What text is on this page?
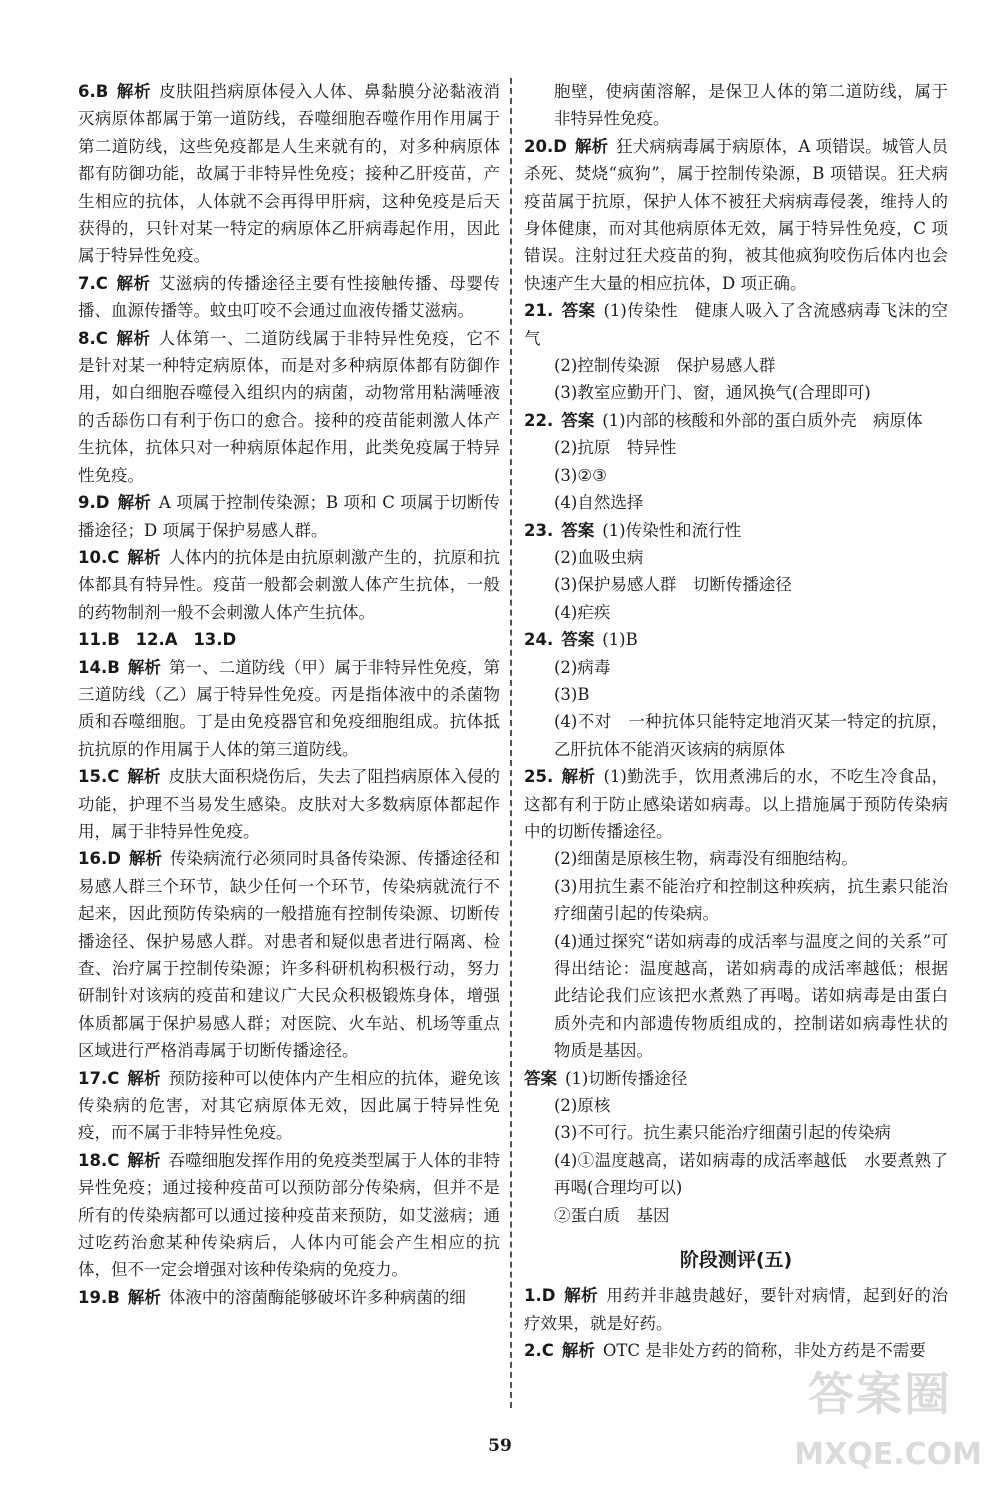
6.B 解析 皮肤阻挡病原体侵入人体、鼻黏膜分泌黏液消灭病原体都属于第一道防线，吞噬细胞吞噬作用作用属于第二道防线，这些免疫都是人生来就有的，对多种病原体都有防御功能，故属于非特异性免疫；接种乙肝疫苗，产生相应的抗体，人体就不会再得甲肝病，这种免疫是后天获得的，只针对某一特定的病原体乙肝病毒起作用，因此属于特异性免疫。

7.C 解析 艾滋病的传播途径主要有性接触传播、母婴传播、血源传播等。蚊虫叮咬不会通过血液传播艾滋病。

8.C 解析 人体第一、二道防线属于非特异性免疫，它不是针对某一种特定病原体，而是对多种病原体都有防御作用，如白细胞吞噬侵入组织内的病菌，动物常用粘满唾液的舌舔伤口有利于伤口的愈合。接种的疫苗能刺激人体产生抗体，抗体只对一种病原体起作用，此类免疫属于特异性免疫。

9.D 解析 A 项属于控制传染源；B 项和 C 项属于切断传播途径；D 项属于保护易感人群。

10.C 解析 人体内的抗体是由抗原刺激产生的，抗原和抗体都具有特异性。疫苗一般都会刺激人体产生抗体，一般的药物制剂一般不会刺激人体产生抗体。

11.B 12.A 13.D

14.B 解析 第一、二道防线（甲）属于非特异性免疫，第三道防线（乙）属于特异性免疫。丙是指体液中的杀菌物质和吞噬细胞。丁是由免疫器官和免疫细胞组成。抗体抵抗抗原的作用属于人体的第三道防线。

15.C 解析 皮肤大面积烧伤后，失去了阻挡病原体入侵的功能，护理不当易发生感染。皮肤对大多数病原体都起作用，属于非特异性免疫。

16.D 解析 传染病流行必须同时具备传染源、传播途径和易感人群三个环节，缺少任何一个环节，传染病就流行不起来，因此预防传染病的一般措施有控制传染源、切断传播途径、保护易感人群。对患者和疑似患者进行隔离、检查、治疗属于控制传染源；许多科研机构积极行动，努力研制针对该病的疫苗和建议广大民众积极锻炼身体，增强体质都属于保护易感人群；对医院、火车站、机场等重点区域进行严格消毒属于切断传播途径。

17.C 解析 预防接种可以使体内产生相应的抗体，避免该传染病的危害，对其它病原体无效，因此属于特异性免疫，而不属于非特异性免疫。

18.C 解析 吞噬细胞发挥作用的免疫类型属于人体的非特异性免疫；通过接种疫苗可以预防部分传染病，但并不是所有的传染病都可以通过接种疫苗来预防，如艾滋病；通过吃药治愈某种传染病后，人体内可能会产生相应的抗体，但不一定会增强对该种传染病的免疫力。

19.B 解析 体液中的溶菌酶能够破坏许多种病菌的细

胞壁，使病菌溶解，是保卫人体的第二道防线，属于非特异性免疫。

20.D 解析 狂犬病病毒属于病原体，A 项错误。城管人员杀死、焚烧“疯狗”，属于控制传染源，B 项错误。狂犬病疫苗属于抗原，保护人体不被狂犬病病毒侵袭，维持人的身体健康，而对其他病原体无效，属于特异性免疫，C 项错误。注射过狂犬疫苗的狗，被其他疯狗咬伤后体内也会快速产生大量的相应抗体，D 项正确。

21. 答案 (1)传染性　健康人吸入了含流感病毒飞沫的空气
(2)控制传染源　保护易感人群
(3)教室应勤开门、窗，通风换气(合理即可)
22. 答案 (1)内部的核酸和外部的蛋白质外壳　病原体
(2)抗原　特异性
(3)②③
(4)自然选择
23. 答案 (1)传染性和流行性
(2)血吸虫病
(3)保护易感人群　切断传播途径
(4)疟疾
24. 答案 (1)B
(2)病毒
(3)B
(4)不对　一种抗体只能特定地消灭某一特定的抗原，乙肝抗体不能消灭该病的病原体
25. 解析 (1)勤洗手，饮用煮沸后的水，不吃生冷食品，这都有利于防止感染诺如病毒。以上措施属于预防传染病中的切断传播途径。
(2)细菌是原核生物，病毒没有细胞结构。
(3)用抗生素不能治疗和控制这种疾病，抗生素只能治疗细菌引起的传染病。
(4)通过探究“诺如病毒的成活率与温度之间的关系”可得出结论：温度越高，诺如病毒的成活率越低；根据此结论我们应该把水煮熟了再喝。诺如病毒是由蛋白质外壳和内部遗传物质组成的，控制诺如病毒性状的物质是基因。
答案 (1)切断传播途径
(2)原核
(3)不可行。抗生素只能治疗细菌引起的传染病
(4)①温度越高，诺如病毒的成活率越低　水要煮熟了再喝(合理均可以)
②蛋白质　基因
阶段测评(五)

1.D 解析 用药并非越贵越好，要针对病情，起到好的治疗效果，就是好药。

2.C 解析 OTC 是非处方药的简称，非处方药是不需要

59
答案圈
MXQE.COM
